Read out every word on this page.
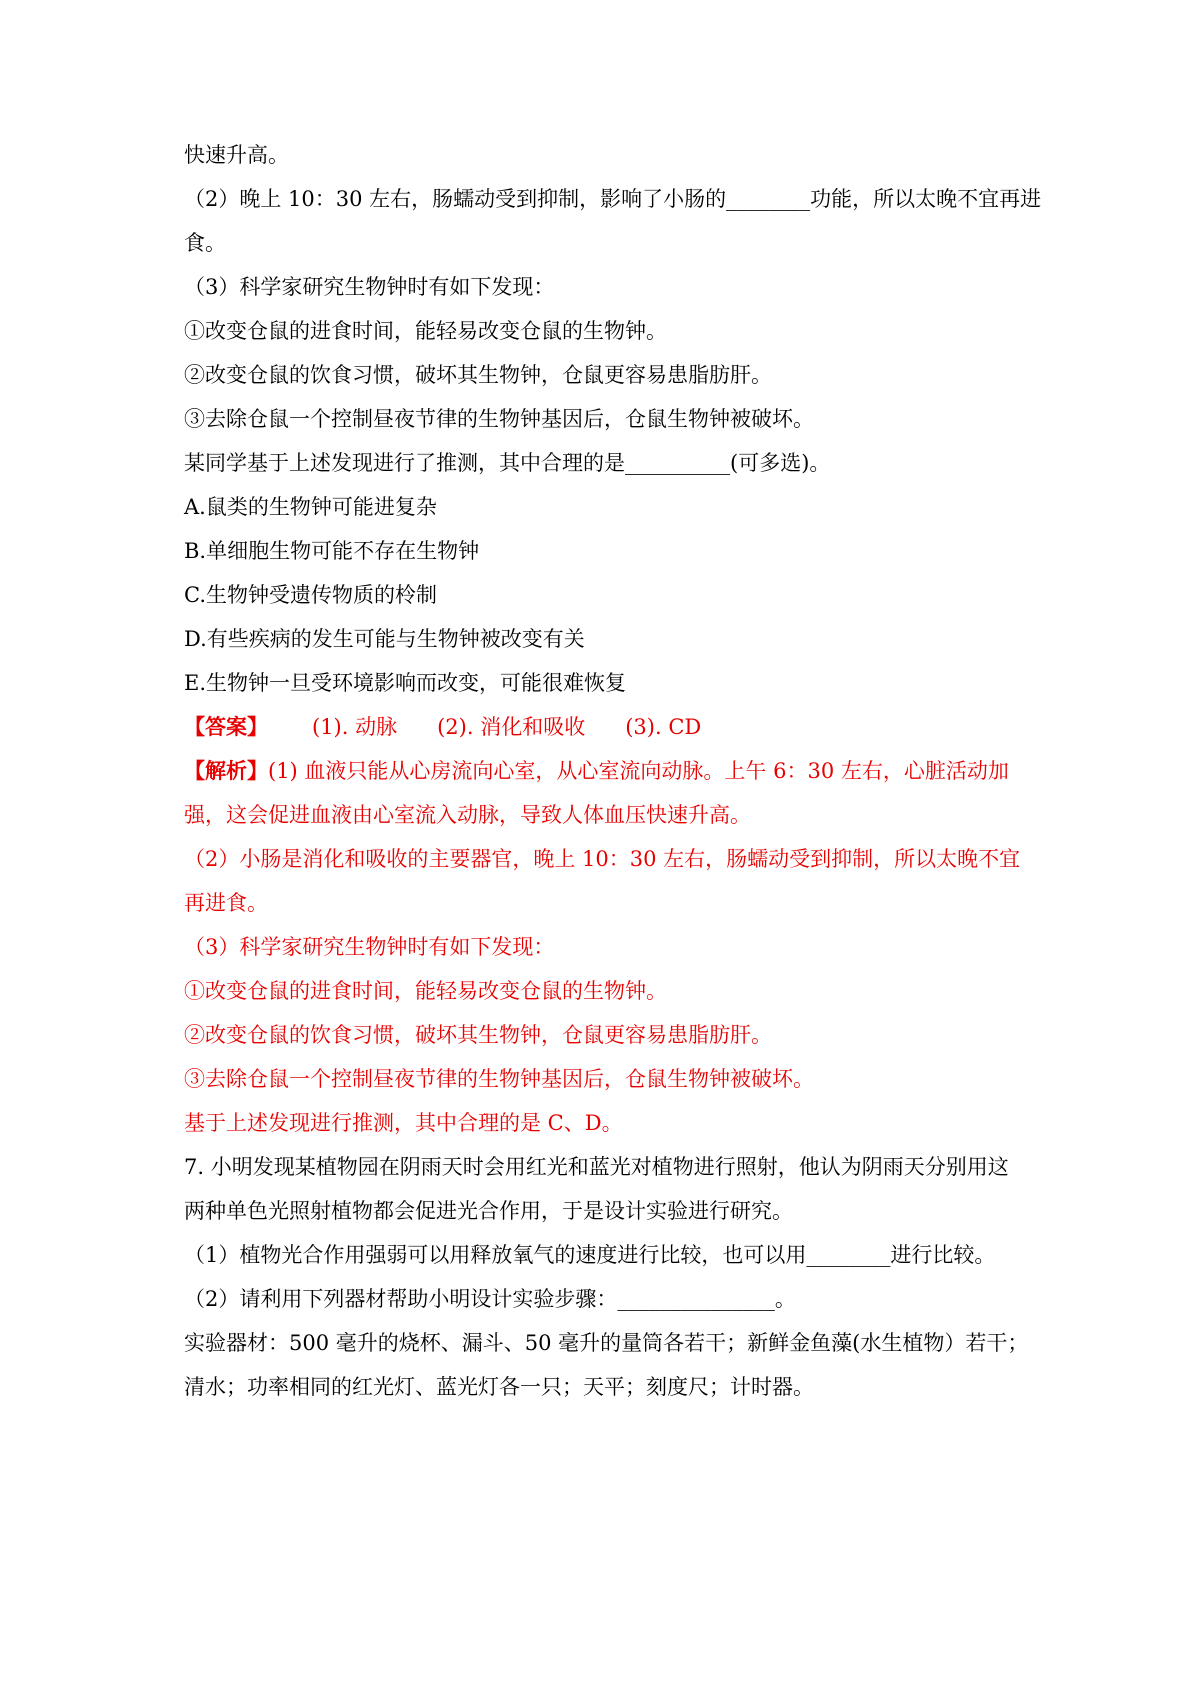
快速升高。
（2）晚上 10：30 左右，肠蠕动受到抑制，影响了小肠的________功能，所以太晚不宜再进
食。
（3）科学家研究生物钟时有如下发现：
①改变仓鼠的进食时间，能轻易改变仓鼠的生物钟。
②改变仓鼠的饮食习惯，破坏其生物钟，仓鼠更容易患脂肪肝。
③去除仓鼠一个控制昼夜节律的生物钟基因后，仓鼠生物钟被破坏。
某同学基于上述发现进行了推测，其中合理的是__________(可多选)。
A.鼠类的生物钟可能进复杂
B.单细胞生物可能不存在生物钟
C.生物钟受遗传物质的柃制
D.有些疾病的发生可能与生物钟被改变有关
E.生物钟一旦受环境影响而改变，可能很难恢复
【答案】 (1). 动脉 (2). 消化和吸收 (3). CD
【解析】(1) 血液只能从心房流向心室，从心室流向动脉。上午 6：30 左右，心脏活动加
强，这会促进血液由心室流入动脉，导致人体血压快速升高。
（2）小肠是消化和吸收的主要器官，晚上 10：30 左右，肠蠕动受到抑制，所以太晚不宜
再进食。
（3）科学家研究生物钟时有如下发现：
①改变仓鼠的进食时间，能轻易改变仓鼠的生物钟。
②改变仓鼠的饮食习惯，破坏其生物钟，仓鼠更容易患脂肪肝。
③去除仓鼠一个控制昼夜节律的生物钟基因后，仓鼠生物钟被破坏。
基于上述发现进行推测，其中合理的是 C、D。
7. 小明发现某植物园在阴雨天时会用红光和蓝光对植物进行照射，他认为阴雨天分别用这
两种单色光照射植物都会促进光合作用，于是设计实验进行研究。
（1）植物光合作用强弱可以用释放氧气的速度进行比较，也可以用________进行比较。
（2）请利用下列器材帮助小明设计实验步骤：_______________。
实验器材：500 毫升的烧杯、漏斗、50 毫升的量筒各若干；新鲜金鱼藻(水生植物）若干；
清水；功率相同的红光灯、蓝光灯各一只；天平；刻度尺；计时器。
